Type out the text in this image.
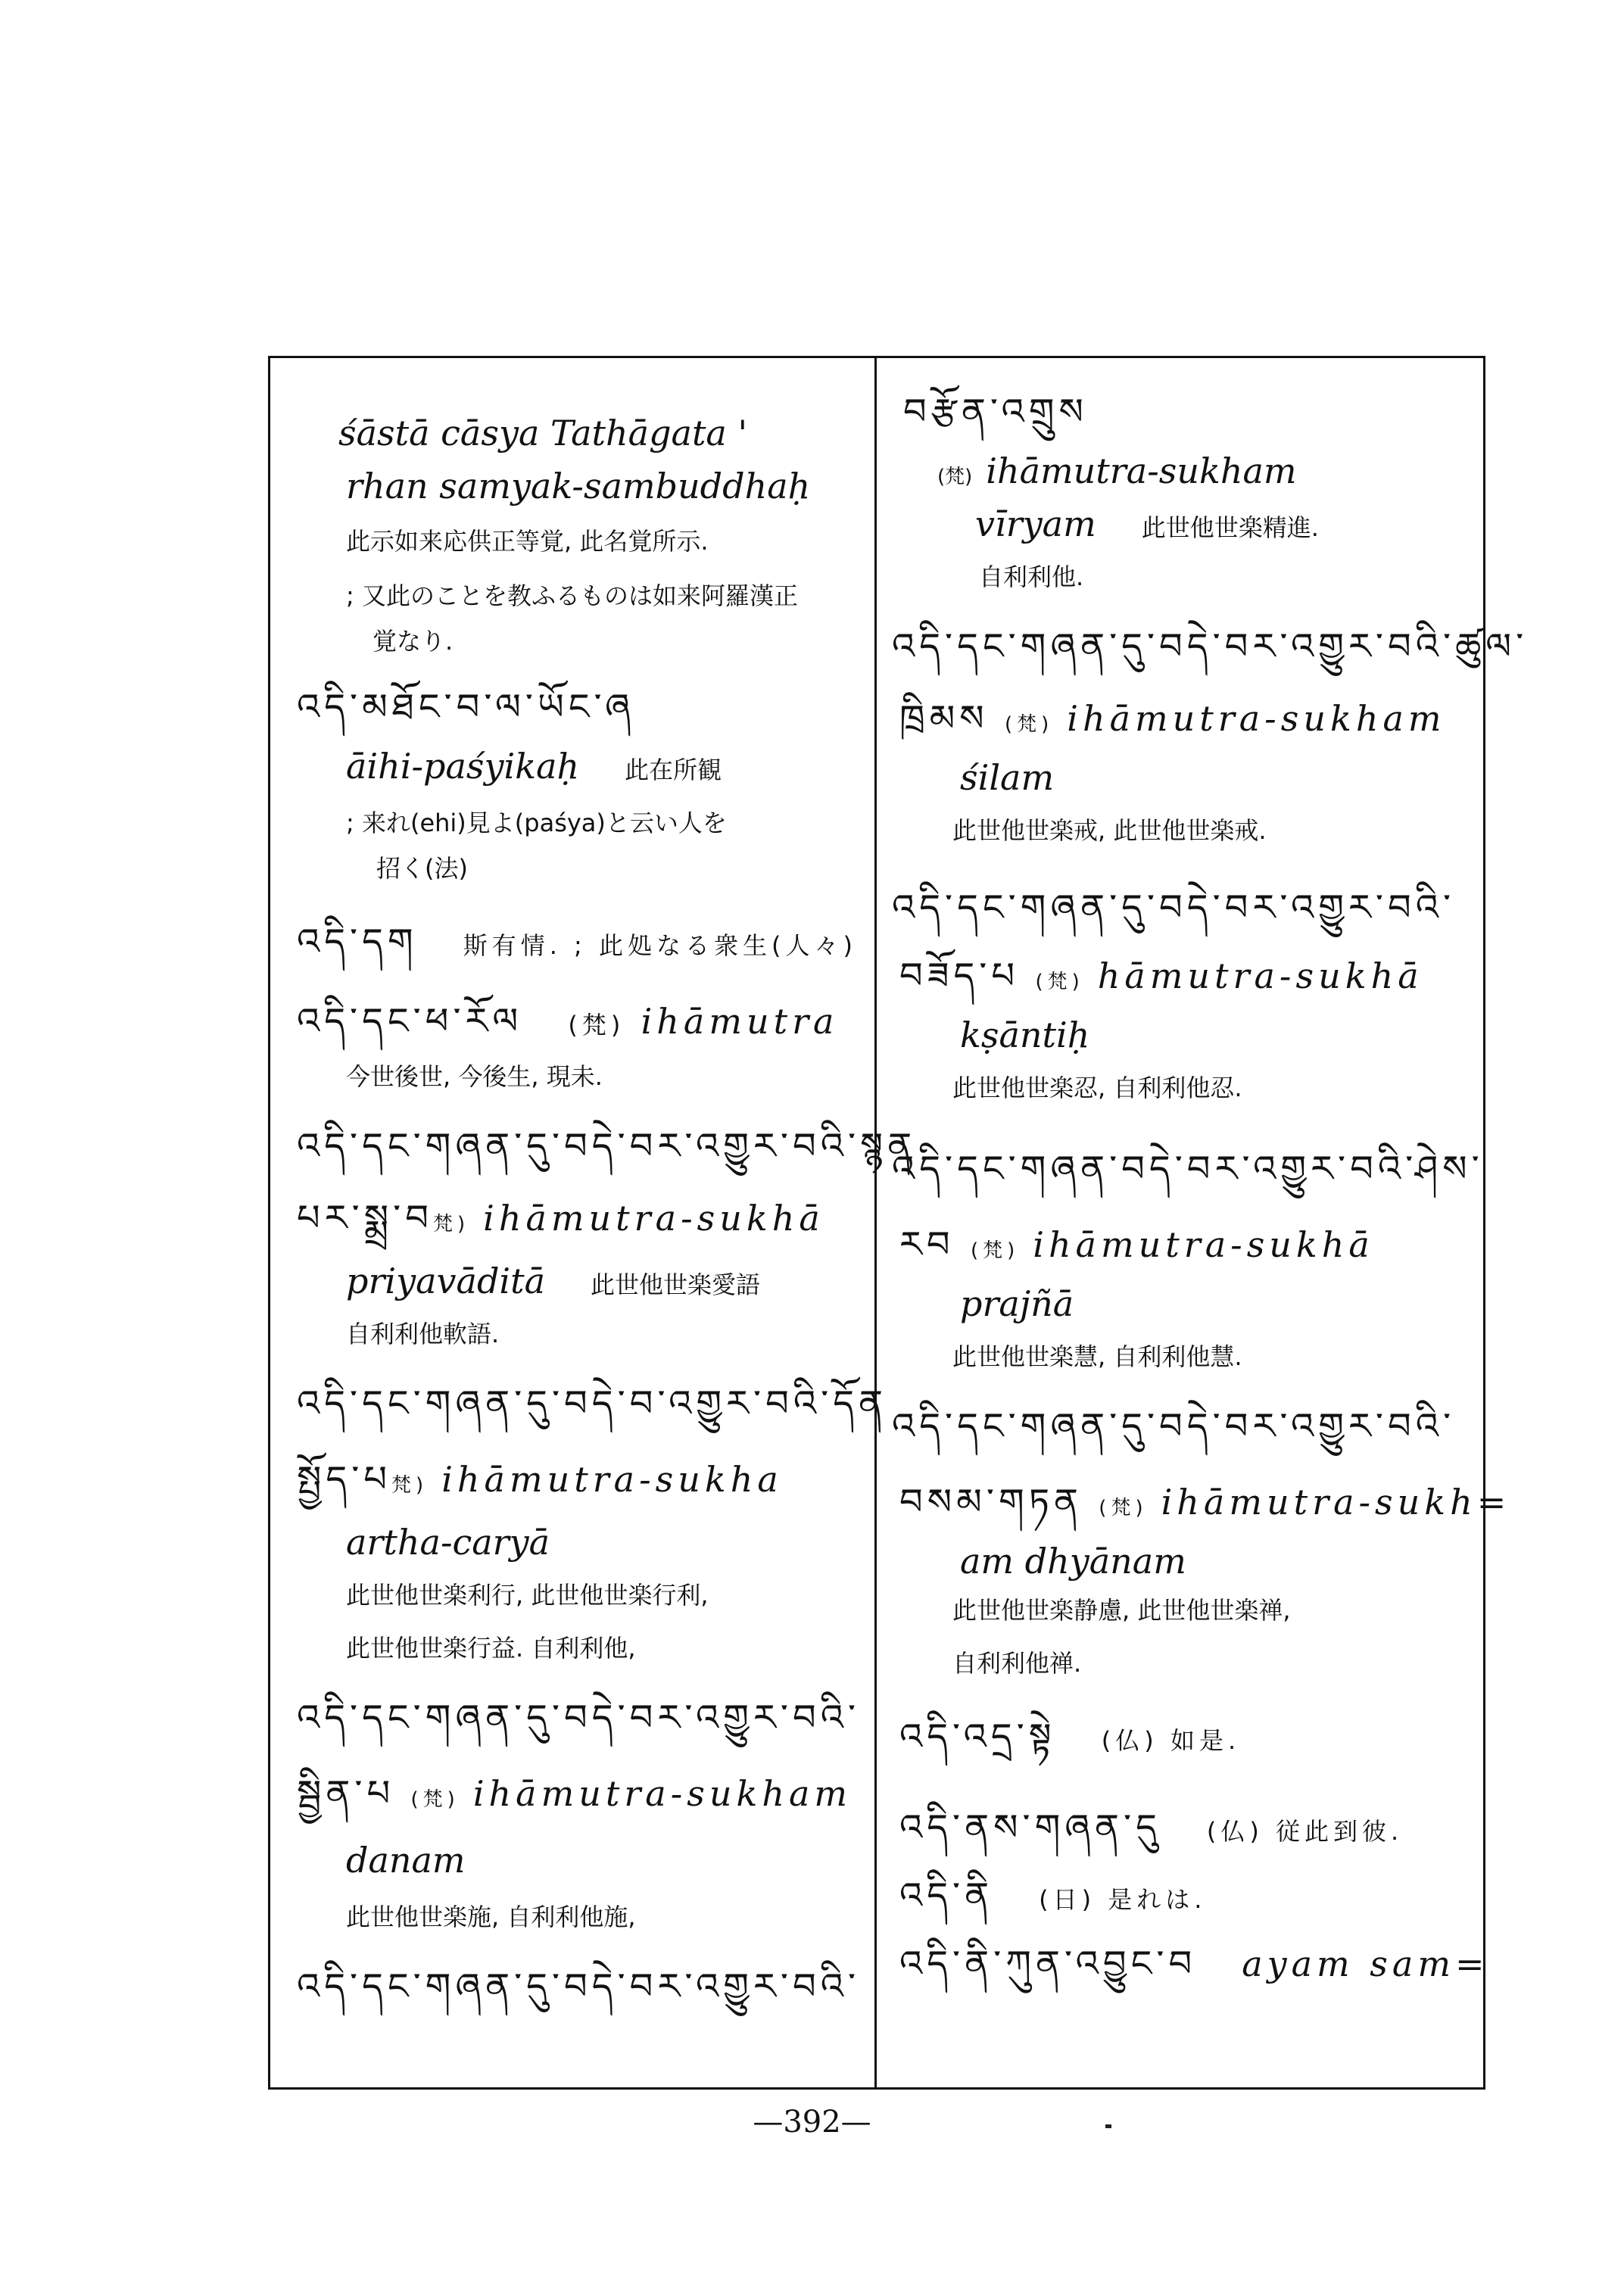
śāstā cāsya Tathāgata '
rhan samyak-sambuddhaḥ
此示如来応供正等覚, 此名覚所示.
; 又此のことを教ふるものは如来阿羅漢正
覚なり.
འདི་མཐོང་བ་ལ་ཡོང་ཞ
āihi-paśyikaḥ 此在所観
; 来れ(ehi)見よ(paśya)と云い人を
招く(法)
འདི་དག 斯有情. ; 此処なる衆生(人々)
འདི་དང་ཕ་རོལ (梵) ihāmutra
今世後世, 今後生, 現未.
འདི་དང་གཞན་དུ་བདེ་བར་འགྱུར་བའི་སྙན
པར་སྨྲ་བ梵) ihāmutra-sukhā
priyavāditā 此世他世楽愛語
自利利他軟語.
འདི་དང་གཞན་དུ་བདེ་བ་འགྱུར་བའི་དོན
སྤྱོད་པ梵) ihāmutra-sukha
artha-caryā
此世他世楽利行, 此世他世楽行利,
此世他世楽行益. 自利利他,
འདི་དང་གཞན་དུ་བདེ་བར་འགྱུར་བའི་
སྦྱིན་པ (梵) ihāmutra-sukham
danam
此世他世楽施, 自利利他施,
འདི་དང་གཞན་དུ་བདེ་བར་འགྱུར་བའི་
བརྩོན་འགྲུས
(梵) ihāmutra-sukham
vīryam 此世他世楽精進.
自利利他.
འདི་དང་གཞན་དུ་བདེ་བར་འགྱུར་བའི་ཚུལ་
ཁྲིམས (梵) ihāmutra-sukham
śilam
此世他世楽戒, 此世他世楽戒.
འདི་དང་གཞན་དུ་བདེ་བར་འགྱུར་བའི་
བཟོད་པ (梵) hāmutra-sukhā
kṣāntiḥ
此世他世楽忍, 自利利他忍.
འདི་དང་གཞན་བདེ་བར་འགྱུར་བའི་ཤེས་
རབ (梵) ihāmutra-sukhā
prajñā
此世他世楽慧, 自利利他慧.
འདི་དང་གཞན་དུ་བདེ་བར་འགྱུར་བའི་
བསམ་གཏན (梵) ihāmutra-sukh=
am dhyānam
此世他世楽静慮, 此世他世楽禅,
自利利他禅.
འདི་འདྲ་སྟེ (仏) 如是.
འདི་ནས་གཞན་དུ (仏) 従此到彼.
འདི་ནི (日) 是れは.
འདི་ནི་ཀུན་འབྱུང་བ ayam sam=
—392—
